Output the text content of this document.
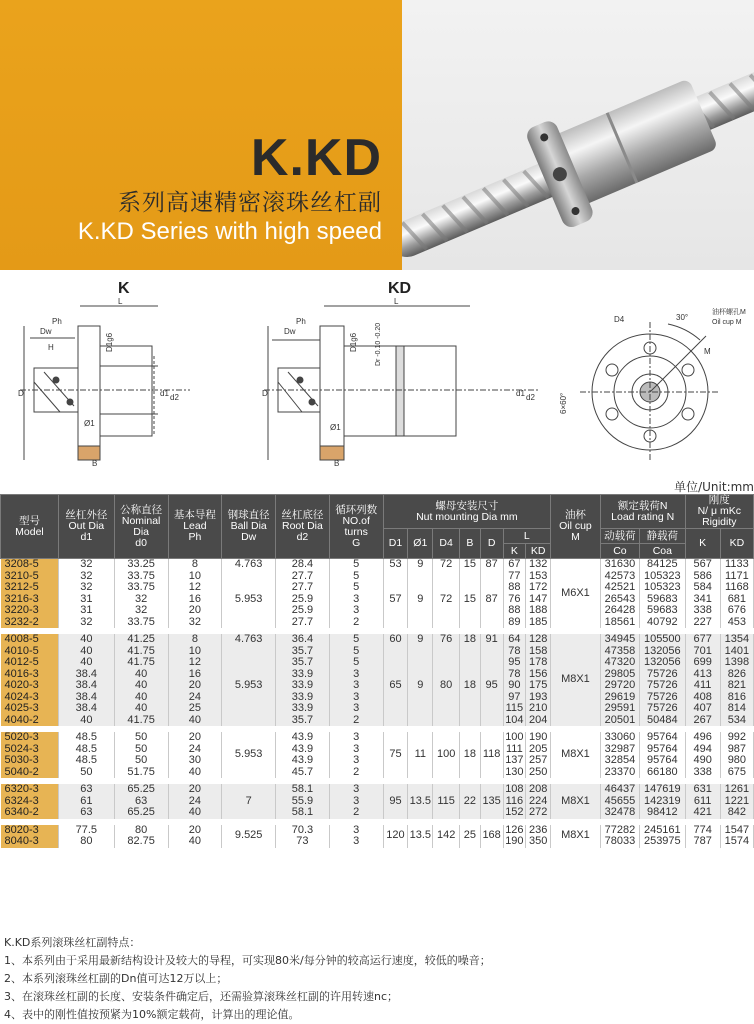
K.KD
系列高速精密滚珠丝杠副
K.KD Series with high speed
K	KD
L
Ph
Dw
D
D1g6
B
Ø1
d1 d2
H
L
Ph
Dw
D
D1g6 Dr -0.10 -0.20
B
Ø1
d1 d2
D4	30°
M
6×60°
油杯螺孔M
Oil cup M
单位/Unit:mm
型号
Model	丝杠外径
Out Dia
d1	公称直径
Nominal
Dia
d0	基本导程
Lead
Ph	钢球直径
Ball Dia
Dw	丝杠底径
Root Dia
d2	循环列数
NO.of
turns
G	螺母安装尺寸
Nut mounting Dia mm							油杯
Oil cup
M	额定载荷N
Load rating N		刚度
N/ μ mKc
Rigidity	
							D1	Ø1	D4	B	D	L			动载荷	静载荷	K	KD
												K	KD		Co	Coa		
3208-5	32	33.25	8	4.763	28.4	5	53	9	72	15	87	67	132	M6X1	31630	84125	567	1133
3210-5	32	33.75	10	5.953	27.7	5	57	9	72	15	87	77	153		42573	105323	586	1171
3212-5	32	33.75	12		27.7	5						88	172		42521	105323	584	1168
3216-3	31	32	16		25.9	3						76	147		26543	59683	341	681
3220-3	31	32	20		25.9	3						88	188		26428	59683	338	676
3232-2	32	33.75	32		27.7	2						89	185		18561	40792	227	453

4008-5	40	41.25	8	4.763	36.4	5	60	9	76	18	91	64	128	M8X1	34945	105500	677	1354
4010-5	40	41.75	10	5.953	35.7	5	65	9	80	18	95	78	158		47358	132056	701	1401
4012-5	40	41.75	12		35.7	5						95	178		47320	132056	699	1398
4016-3	38.4	40	16		33.9	3						78	156		29805	75726	413	826
4020-3	38.4	40	20		33.9	3						90	175		29720	75726	411	821
4024-3	38.4	40	24		33.9	3						97	193		29619	75726	408	816
4025-3	38.4	40	25		33.9	3						115	210		29591	75726	407	814
4040-2	40	41.75	40		35.7	2						104	204		20501	50484	267	534

5020-3	48.5	50	20	5.953	43.9	3	75	11	100	18	118	100	190	M8X1	33060	95764	496	992
5024-3	48.5	50	24		43.9	3						111	205		32987	95764	494	987
5030-3	48.5	50	30		43.9	3						137	257		32854	95764	490	980
5040-2	50	51.75	40		45.7	2						130	250		23370	66180	338	675

6320-3	63	65.25	20	7	58.1	3	95	13.5	115	22	135	108	208	M8X1	46437	147619	631	1261
6324-3	61	63	24		55.9	3						116	224		45655	142319	611	1221
6340-2	63	65.25	40		58.1	2						152	272		32478	98412	421	842

8020-3	77.5	80	20	9.525	70.3	3	120	13.5	142	25	168	126	236	M8X1	77282	245161	774	1547
8040-3	80	82.75	40		73	3						190	350		78033	253975	787	1574
K.KD系列滚珠丝杠副特点：
1、本系列由于采用最新结构设计及较大的导程，可实现80米/每分钟的较高运行速度，较低的噪音；
2、本系列滚珠丝杠副的Dn值可达12万以上；
3、在滚珠丝杠副的长度、安装条件确定后，还需验算滚珠丝杠副的许用转速nc；
4、表中的刚性值按预紧为10%额定载荷，计算出的理论值。
